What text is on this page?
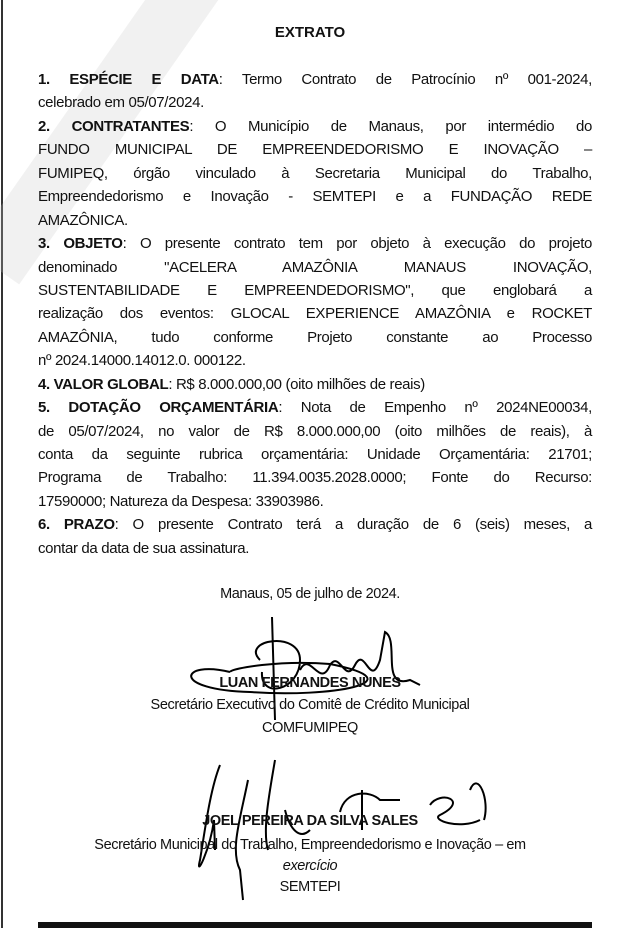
EXTRATO
1. ESPÉCIE E DATA: Termo Contrato de Patrocínio nº 001-2024,
celebrado em 05/07/2024.
2. CONTRATANTES: O Município de Manaus, por intermédio do
FUNDO MUNICIPAL DE EMPREENDEDORISMO E INOVAÇÃO –
FUMIPEQ, órgão vinculado à Secretaria Municipal do Trabalho,
Empreendedorismo e Inovação - SEMTEPI e a FUNDAÇÃO REDE
AMAZÔNICA.
3. OBJETO: O presente contrato tem por objeto à execução do projeto
denominado "ACELERA AMAZÔNIA MANAUS INOVAÇÃO,
SUSTENTABILIDADE E EMPREENDEDORISMO", que englobará a
realização dos eventos: GLOCAL EXPERIENCE AMAZÔNIA e ROCKET
AMAZÔNIA, tudo conforme Projeto constante ao Processo
nº 2024.14000.14012.0. 000122.
4. VALOR GLOBAL: R$ 8.000.000,00 (oito milhões de reais)
5. DOTAÇÃO ORÇAMENTÁRIA: Nota de Empenho nº 2024NE00034,
de 05/07/2024, no valor de R$ 8.000.000,00 (oito milhões de reais), à
conta da seguinte rubrica orçamentária: Unidade Orçamentária: 21701;
Programa de Trabalho: 11.394.0035.2028.0000; Fonte do Recurso:
17590000; Natureza da Despesa: 33903986.
6. PRAZO: O presente Contrato terá a duração de 6 (seis) meses, a
contar da data de sua assinatura.
Manaus, 05 de julho de 2024.
LUAN FERNANDES NUNES
Secretário Executivo do Comitê de Crédito Municipal
COMFUMIPEQ
JOEL PEREIRA DA SILVA SALES
Secretário Municipal do Trabalho, Empreendedorismo e Inovação – em
exercício
SEMTEPI
